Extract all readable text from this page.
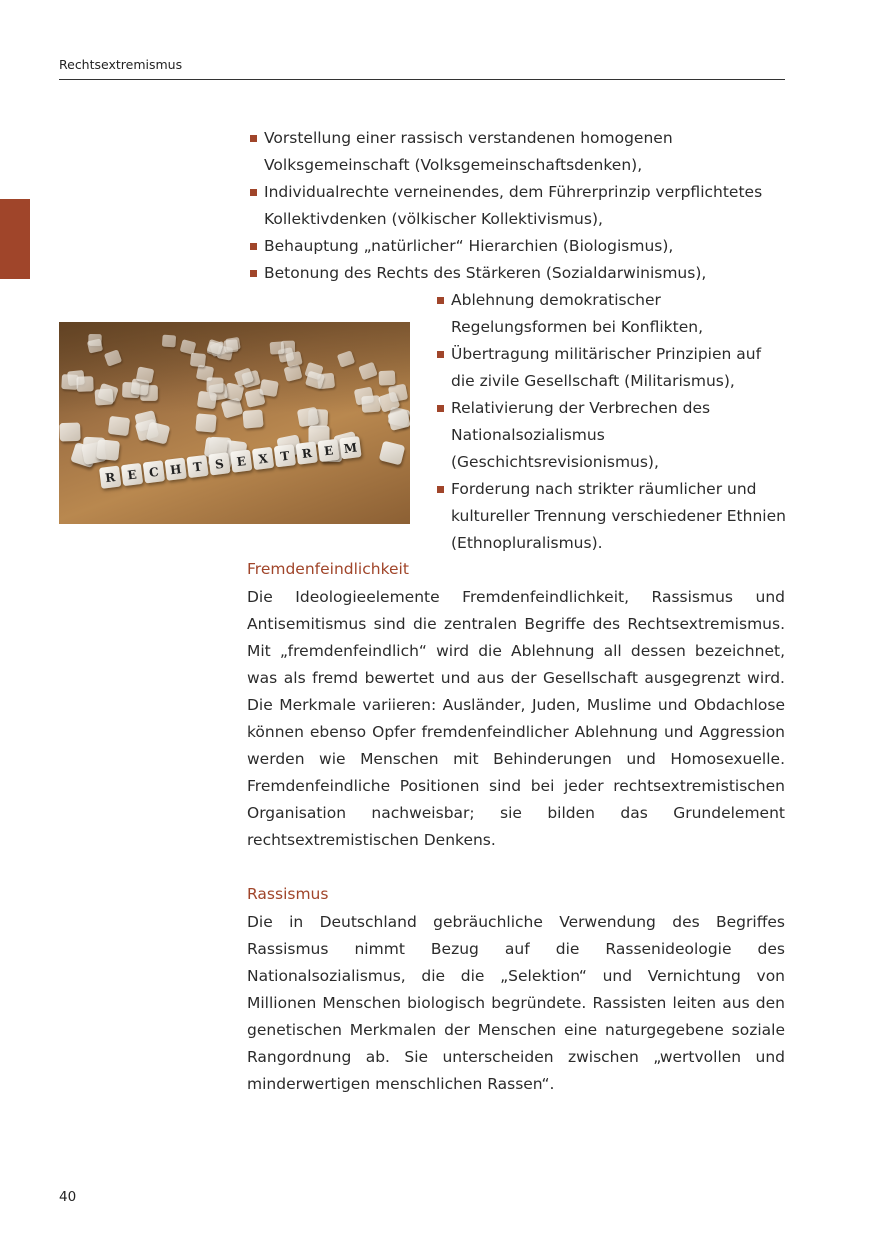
Rechtsextremismus
Vorstellung einer rassisch verstandenen homogenen Volksgemeinschaft (Volksgemeinschaftsdenken),
Individualrechte verneinendes, dem Führerprinzip verpflichtetes Kollektivdenken (völkischer Kollektivismus),
Behauptung „natürlicher“ Hierarchien (Biologismus),
Betonung des Rechts des Stärkeren (Sozialdarwinismus),
R E C H T S E X T R E M
Ablehnung demokratischer Regelungsformen bei Konflikten,
Übertragung militärischer Prinzipien auf die zivile Gesellschaft (Militarismus),
Relativierung der Verbrechen des Nationalsozialismus (Geschichtsrevisionismus),
Forderung nach strikter räumlicher und kultureller Trennung verschiedener Ethnien (Ethnopluralismus).
Fremdenfeindlichkeit

Die Ideologieelemente Fremdenfeindlichkeit, Rassismus und Antisemitismus sind die zentralen Begriffe des Rechtsextremismus. Mit „fremdenfeindlich“ wird die Ablehnung all dessen bezeichnet, was als fremd bewertet und aus der Gesellschaft ausgegrenzt wird. Die Merkmale variieren: Ausländer, Juden, Muslime und Obdachlose können ebenso Opfer fremdenfeindlicher Ablehnung und Aggression werden wie Menschen mit Behinderungen und Homosexuelle. Fremdenfeindliche Positionen sind bei jeder rechtsextremistischen Organisation nachweisbar; sie bilden das Grundelement rechtsextremistischen Denkens.

Rassismus

Die in Deutschland gebräuchliche Verwendung des Begriffes Rassismus nimmt Bezug auf die Rassenideologie des Nationalsozialismus, die die „Selektion“ und Vernichtung von Millionen Menschen biologisch begründete. Rassisten leiten aus den genetischen Merkmalen der Menschen eine naturgegebene soziale Rangordnung ab. Sie unterscheiden zwischen „wertvollen und minderwertigen menschlichen Rassen“.

40
